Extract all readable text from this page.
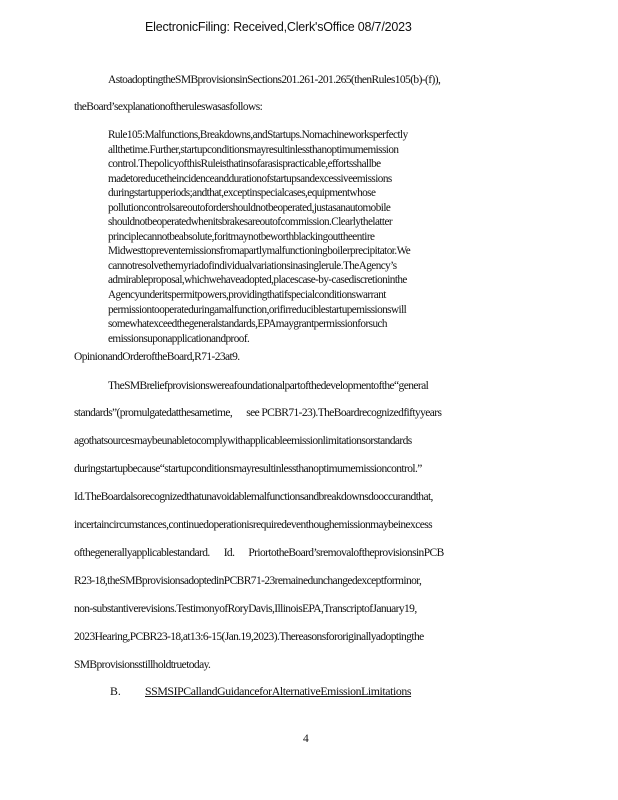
ElectronicFiling: Received,Clerk'sOffice 08/7/2023
AstoadoptingtheSMBprovisionsinSections201.261-201.265(thenRules105(b)-(f)),
theBoard’sexplanationoftheruleswasasfollows:
Rule105:Malfunctions,Breakdowns,andStartups.Nomachineworksperfectly
allthetime.Further,startupconditionsmayresultinlessthanoptimumemission
control.ThepolicyofthisRuleisthatinsofarasispracticable,effortsshallbe
madetoreducetheincidenceanddurationofstartupsandexcessiveemissions
duringstartupperiods;andthat,exceptinspecialcases,equipmentwhose
pollutioncontrolsareoutofordershouldnotbeoperated,justasanautomobile
shouldnotbeoperatedwhenitsbrakesareoutofcommission.Clearlythelatter
principlecannotbeabsolute,foritmaynotbeworthblackingouttheentire
Midwesttopreventemissionsfromapartlymalfunctioningboilerprecipitator.We
cannotresolvethemyriadofindividualvariationsinasinglerule.TheAgency’s
admirableproposal,whichwehaveadopted,placescase-by-casediscretioninthe
Agencyunderitspermitpowers,providingthatifspecialconditionswarrant
permissiontooperateduringamalfunction,orifirreduciblestartupemissionswill
somewhatexceedthegeneralstandards,EPAmaygrantpermissionforsuch
emissionsuponapplicationandproof.
OpinionandOrderoftheBoard,R71-23at9.
TheSMBreliefprovisionswereafoundationalpartofthedevelopmentofthe“general
standards”(promulgatedatthesametime, see PCBR71-23).TheBoardrecognizedfiftyyears
agothatsourcesmaybeunabletocomplywithapplicableemissionlimitationsorstandards
duringstartupbecause“startupconditionsmayresultinlessthanoptimumemissioncontrol.”
Id.TheBoardalsorecognizedthatunavoidablemalfunctionsandbreakdownsdooccurandthat,
incertaincircumstances,continuedoperationisrequiredeventhoughemissionmaybeinexcess
ofthegenerallyapplicablestandard. Id. PriortotheBoard’sremovaloftheprovisionsinPCB
R23-18,theSMBprovisionsadoptedinPCBR71-23remainedunchangedexceptforminor,
non-substantiverevisions.TestimonyofRoryDavis,IllinoisEPA,TranscriptofJanuary19,
2023Hearing,PCBR23-18,at13:6-15(Jan.19,2023).Thereasonsfororiginallyadoptingthe
SMBprovisionsstillholdtruetoday.
B. SSMSIPCallandGuidanceforAlternativeEmissionLimitations
4
